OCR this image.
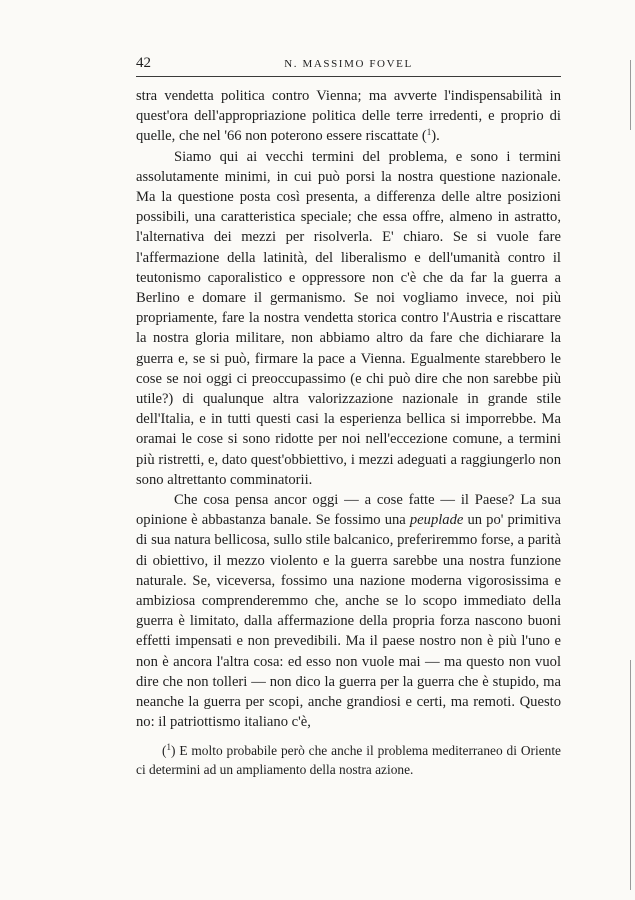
42	N. MASSIMO FOVEL

stra vendetta politica contro Vienna; ma avverte l'indispensabilità in quest'ora dell'appropriazione politica delle terre irredenti, e proprio di quelle, che nel '66 non poterono essere riscattate ($^1$).

Siamo qui ai vecchi termini del problema, e sono i termini assolutamente minimi, in cui può porsi la nostra questione nazionale. Ma la questione posta così presenta, a differenza delle altre posizioni possibili, una caratteristica speciale; che essa offre, almeno in astratto, l'alternativa dei mezzi per risolverla. E' chiaro. Se si vuole fare l'affermazione della latinità, del liberalismo e dell'umanità contro il teutonismo caporalistico e oppressore non c'è che da far la guerra a Berlino e domare il germanismo. Se noi vogliamo invece, noi più propriamente, fare la nostra vendetta storica contro l'Austria e riscattare la nostra gloria militare, non abbiamo altro da fare che dichiarare la guerra e, se si può, firmare la pace a Vienna. Egualmente starebbero le cose se noi oggi ci preoccupassimo (e chi può dire che non sarebbe più utile?) di qualunque altra valorizzazione nazionale in grande stile dell'Italia, e in tutti questi casi la esperienza bellica si imporrebbe. Ma oramai le cose si sono ridotte per noi nell'eccezione comune, a termini più ristretti, e, dato quest'obbiettivo, i mezzi adeguati a raggiungerlo non sono altrettanto comminatorii.

Che cosa pensa ancor oggi — a cose fatte — il Paese? La sua opinione è abbastanza banale. Se fossimo una peuplade un po' primitiva di sua natura bellicosa, sullo stile balcanico, preferiremmo forse, a parità di obiettivo, il mezzo violento e la guerra sarebbe una nostra funzione naturale. Se, viceversa, fossimo una nazione moderna vigorosissima e ambiziosa comprenderemmo che, anche se lo scopo immediato della guerra è limitato, dalla affermazione della propria forza nascono buoni effetti impensati e non prevedibili. Ma il paese nostro non è più l'uno e non è ancora l'altra cosa: ed esso non vuole mai — ma questo non vuol dire che non tolleri — non dico la guerra per la guerra che è stupido, ma neanche la guerra per scopi, anche grandiosi e certi, ma remoti. Questo no: il patriottismo italiano c'è,

($^1$) E molto probabile però che anche il problema mediterraneo di Oriente ci determini ad un ampliamento della nostra azione.
